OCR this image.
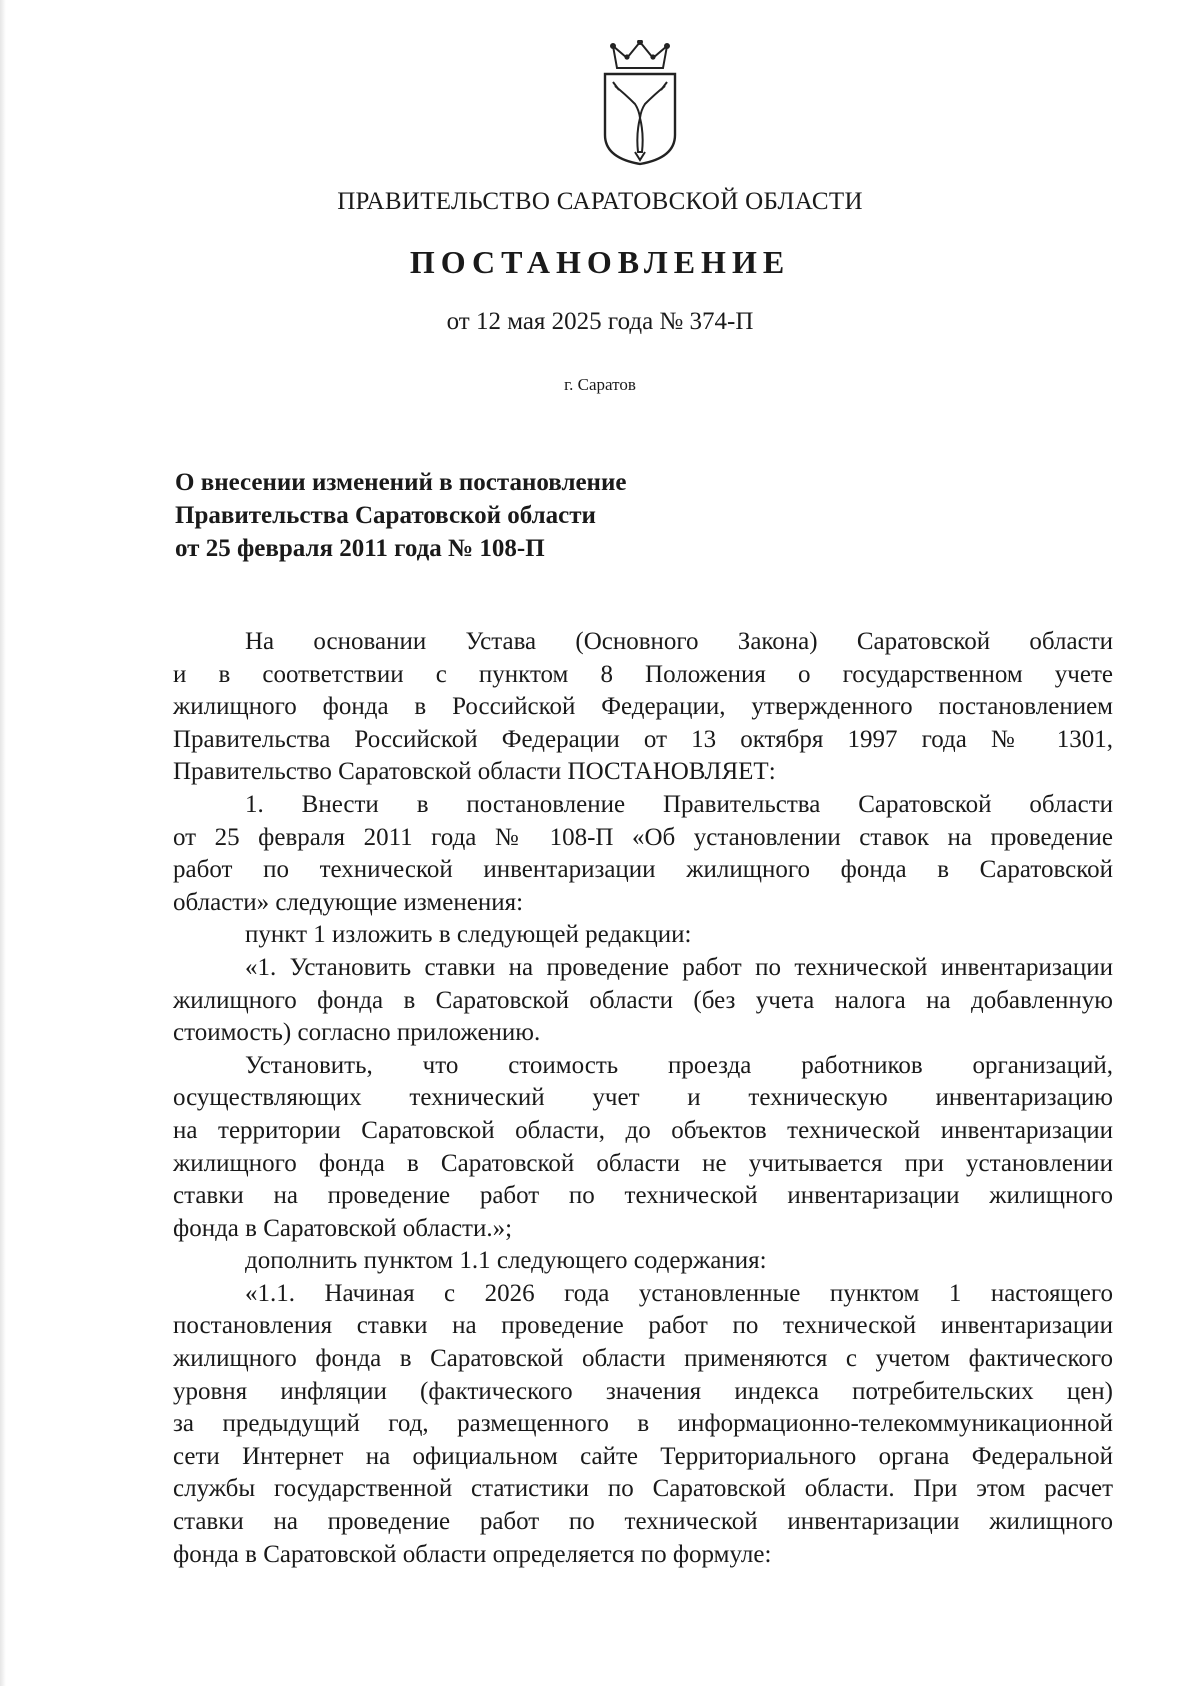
ПРАВИТЕЛЬСТВО САРАТОВСКОЙ ОБЛАСТИ
ПОСТАНОВЛЕНИЕ
от 12 мая 2025 года № 374-П
г. Саратов
О внесении изменений в постановление
Правительства Саратовской области
от 25 февраля 2011 года № 108-П
На основании Устава (Основного Закона) Саратовской области
и в соответствии с пунктом 8 Положения о государственном учете
жилищного фонда в Российской Федерации, утвержденного постановлением
Правительства Российской Федерации от 13 октября 1997 года № 1301,
Правительство Саратовской области ПОСТАНОВЛЯЕТ:
1. Внести в постановление Правительства Саратовской области
от 25 февраля 2011 года № 108-П «Об установлении ставок на проведение
работ по технической инвентаризации жилищного фонда в Саратовской
области» следующие изменения:
пункт 1 изложить в следующей редакции:
«1. Установить ставки на проведение работ по технической инвентаризации
жилищного фонда в Саратовской области (без учета налога на добавленную
стоимость) согласно приложению.
Установить, что стоимость проезда работников организаций,
осуществляющих технический учет и техническую инвентаризацию
на территории Саратовской области, до объектов технической инвентаризации
жилищного фонда в Саратовской области не учитывается при установлении
ставки на проведение работ по технической инвентаризации жилищного
фонда в Саратовской области.»;
дополнить пунктом 1.1 следующего содержания:
«1.1. Начиная с 2026 года установленные пунктом 1 настоящего
постановления ставки на проведение работ по технической инвентаризации
жилищного фонда в Саратовской области применяются с учетом фактического
уровня инфляции (фактического значения индекса потребительских цен)
за предыдущий год, размещенного в информационно-телекоммуникационной
сети Интернет на официальном сайте Территориального органа Федеральной
службы государственной статистики по Саратовской области. При этом расчет
ставки на проведение работ по технической инвентаризации жилищного
фонда в Саратовской области определяется по формуле:
